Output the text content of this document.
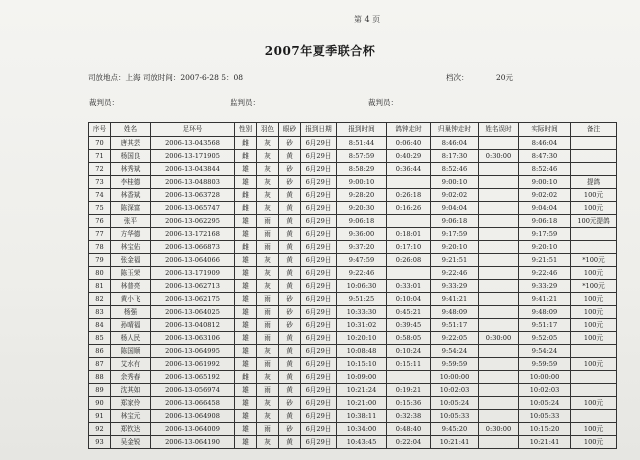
第 4 页
2007年夏季联合杯
司放地点：上海 司放时间：2007-6-28 5：08	档次：	20元
裁判员：	监判员：	裁判员：
序号	姓名	足环号	性别	羽色	眼砂	报到日期	报到时间	鸽钟走时	归巢钟走时	姓名误时	实际时间	备注
70	唐其芸	2006-13-043568	雌	灰	砂	6月29日	8:51:44	0:06:40	8:46:04		8:46:04	
71	杨国良	2006-13-171905	雌	灰	黄	6月29日	8:57:59	0:40:29	8:17:30	0:30:00	8:47:30	
72	林秀斌	2006-13-043844	雄	灰	砂	6月29日	8:58:29	0:36:44	8:52:46		8:52:46	
73	李桂德	2006-13-048803	雄	灰	砂	6月29日	9:00:10		9:00:10		9:00:10	提鸽
74	林香斌	2006-13-063728	雌	灰	黄	6月29日	9:28:20	0:26:18	9:02:02		9:02:02	100元
75	陈深富	2006-13-065747	雌	灰	黄	6月29日	9:20:30	0:16:26	9:04:04		9:04:04	100元
76	张平	2006-13-062295	雄	雨	黄	6月29日	9:06:18		9:06:18		9:06:18	100元提鸽
77	方华德	2006-13-172168	雄	雨	黄	6月29日	9:36:00	0:18:01	9:17:59		9:17:59	
78	林宝佑	2006-13-066873	雌	雨	黄	6月29日	9:37:20	0:17:10	9:20:10		9:20:10	
79	张金福	2006-13-064066	雄	灰	黄	6月29日	9:47:59	0:26:08	9:21:51		9:21:51	*100元
80	陈玉荣	2006-13-171909	雄	灰	黄	6月29日	9:22:46		9:22:46		9:22:46	100元
81	林普亮	2006-13-062713	雄	灰	黄	6月29日	10:06:30	0:33:01	9:33:29		9:33:29	*100元
82	黄小飞	2006-13-062175	雄	雨	砂	6月29日	9:51:25	0:10:04	9:41:21		9:41:21	100元
83	杨强	2006-13-064025	雄	雨	砂	6月29日	10:33:30	0:45:21	9:48:09		9:48:09	100元
84	孙晴福	2006-13-040812	雄	雨	砂	6月29日	10:31:02	0:39:45	9:51:17		9:51:17	100元
85	杨人民	2006-13-063106	雄	雨	黄	6月29日	10:20:10	0:58:05	9:22:05	0:30:00	9:52:05	100元
86	陈国顺	2006-13-064995	雄	灰	黄	6月29日	10:08:48	0:10:24	9:54:24		9:54:24	
87	艾水有	2006-13-061992	雄	雨	黄	6月29日	10:15:10	0:15:11	9:59:59		9:59:59	100元
88	余秀春	2006-13-065192	雌	灰	黄	6月29日	10:09:00		10:00:00		10:00:00	
89	沈其如	2006-13-056974	雄	雨	黄	6月29日	10:21:24	0:19:21	10:02:03		10:02:03	
90	郑家伶	2006-13-066458	雄	灰	砂	6月29日	10:21:00	0:15:36	10:05:24		10:05:24	100元
91	林宝元	2006-13-064908	雄	灰	黄	6月29日	10:38:11	0:32:38	10:05:33		10:05:33	
92	郑钦达	2006-13-064009	雄	雨	砂	6月29日	10:34:00	0:48:40	9:45:20	0:30:00	10:15:20	100元
93	吴金锐	2006-13-064190	雄	灰	黄	6月29日	10:43:45	0:22:04	10:21:41		10:21:41	100元
